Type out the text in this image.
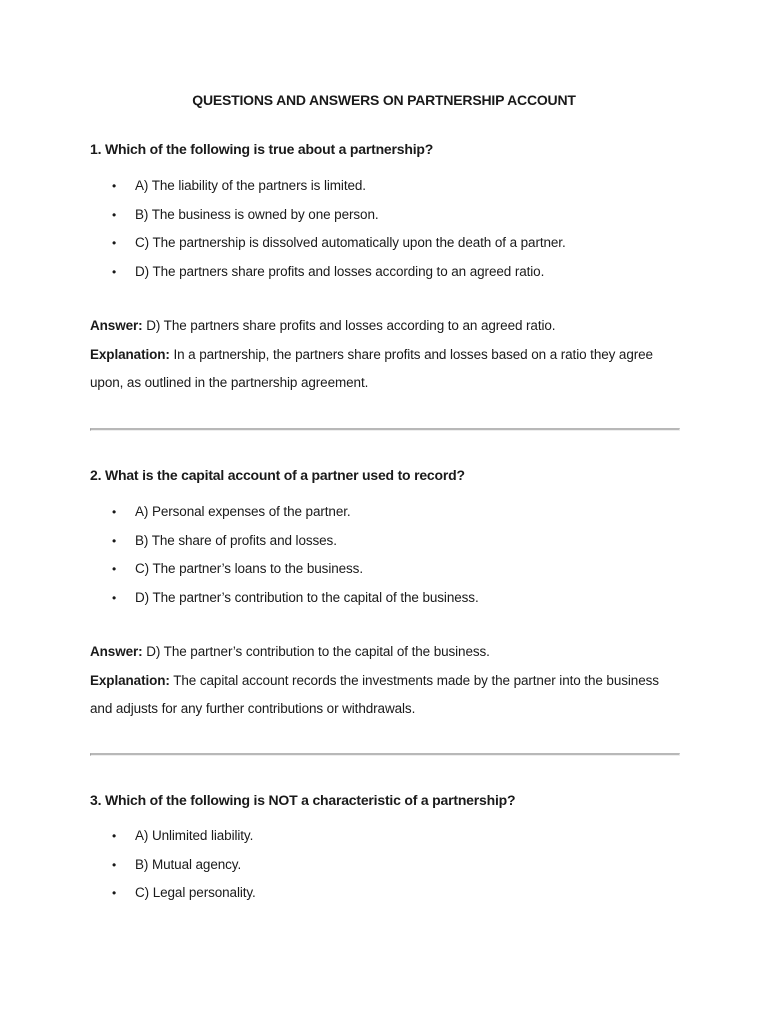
QUESTIONS AND ANSWERS ON PARTNERSHIP ACCOUNT

1. Which of the following is true about a partnership?

• A) The liability of the partners is limited.
• B) The business is owned by one person.
• C) The partnership is dissolved automatically upon the death of a partner.
• D) The partners share profits and losses according to an agreed ratio.

Answer: D) The partners share profits and losses according to an agreed ratio.

Explanation: In a partnership, the partners share profits and losses based on a ratio they agree upon, as outlined in the partnership agreement.

2. What is the capital account of a partner used to record?

• A) Personal expenses of the partner.
• B) The share of profits and losses.
• C) The partner’s loans to the business.
• D) The partner’s contribution to the capital of the business.

Answer: D) The partner’s contribution to the capital of the business.

Explanation: The capital account records the investments made by the partner into the business and adjusts for any further contributions or withdrawals.

3. Which of the following is NOT a characteristic of a partnership?

• A) Unlimited liability.
• B) Mutual agency.
• C) Legal personality.
